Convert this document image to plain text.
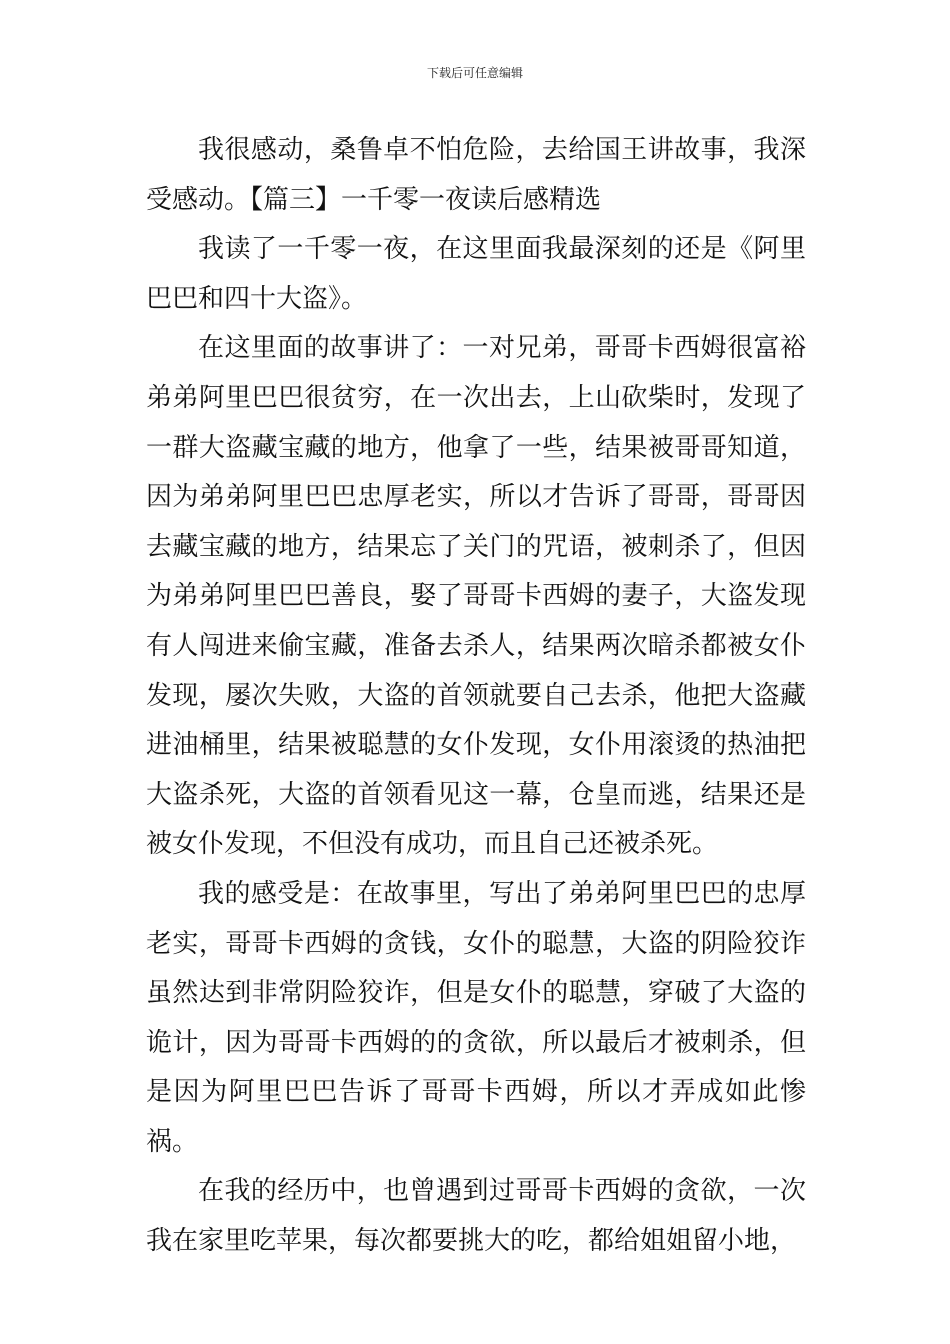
下载后可任意编辑

我很感动，桑鲁卓不怕危险，去给国王讲故事，我深受感动。【篇三】一千零一夜读后感精选

我读了一千零一夜，在这里面我最深刻的还是《阿里巴巴和四十大盗》。

在这里面的故事讲了：一对兄弟，哥哥卡西姆很富裕弟弟阿里巴巴很贫穷，在一次出去，上山砍柴时，发现了一群大盗藏宝藏的地方，他拿了一些，结果被哥哥知道，因为弟弟阿里巴巴忠厚老实，所以才告诉了哥哥，哥哥因去藏宝藏的地方，结果忘了关门的咒语，被刺杀了，但因为弟弟阿里巴巴善良，娶了哥哥卡西姆的妻子，大盗发现有人闯进来偷宝藏，准备去杀人，结果两次暗杀都被女仆发现，屡次失败，大盗的首领就要自己去杀，他把大盗藏进油桶里，结果被聪慧的女仆发现，女仆用滚烫的热油把大盗杀死，大盗的首领看见这一幕，仓皇而逃，结果还是被女仆发现，不但没有成功，而且自己还被杀死。

我的感受是：在故事里，写出了弟弟阿里巴巴的忠厚老实，哥哥卡西姆的贪钱，女仆的聪慧，大盗的阴险狡诈虽然达到非常阴险狡诈，但是女仆的聪慧，穿破了大盗的诡计，因为哥哥卡西姆的的贪欲，所以最后才被刺杀，但是因为阿里巴巴告诉了哥哥卡西姆，所以才弄成如此惨祸。

在我的经历中，也曾遇到过哥哥卡西姆的贪欲，一次我在家里吃苹果，每次都要挑大的吃，都给姐姐留小地，
